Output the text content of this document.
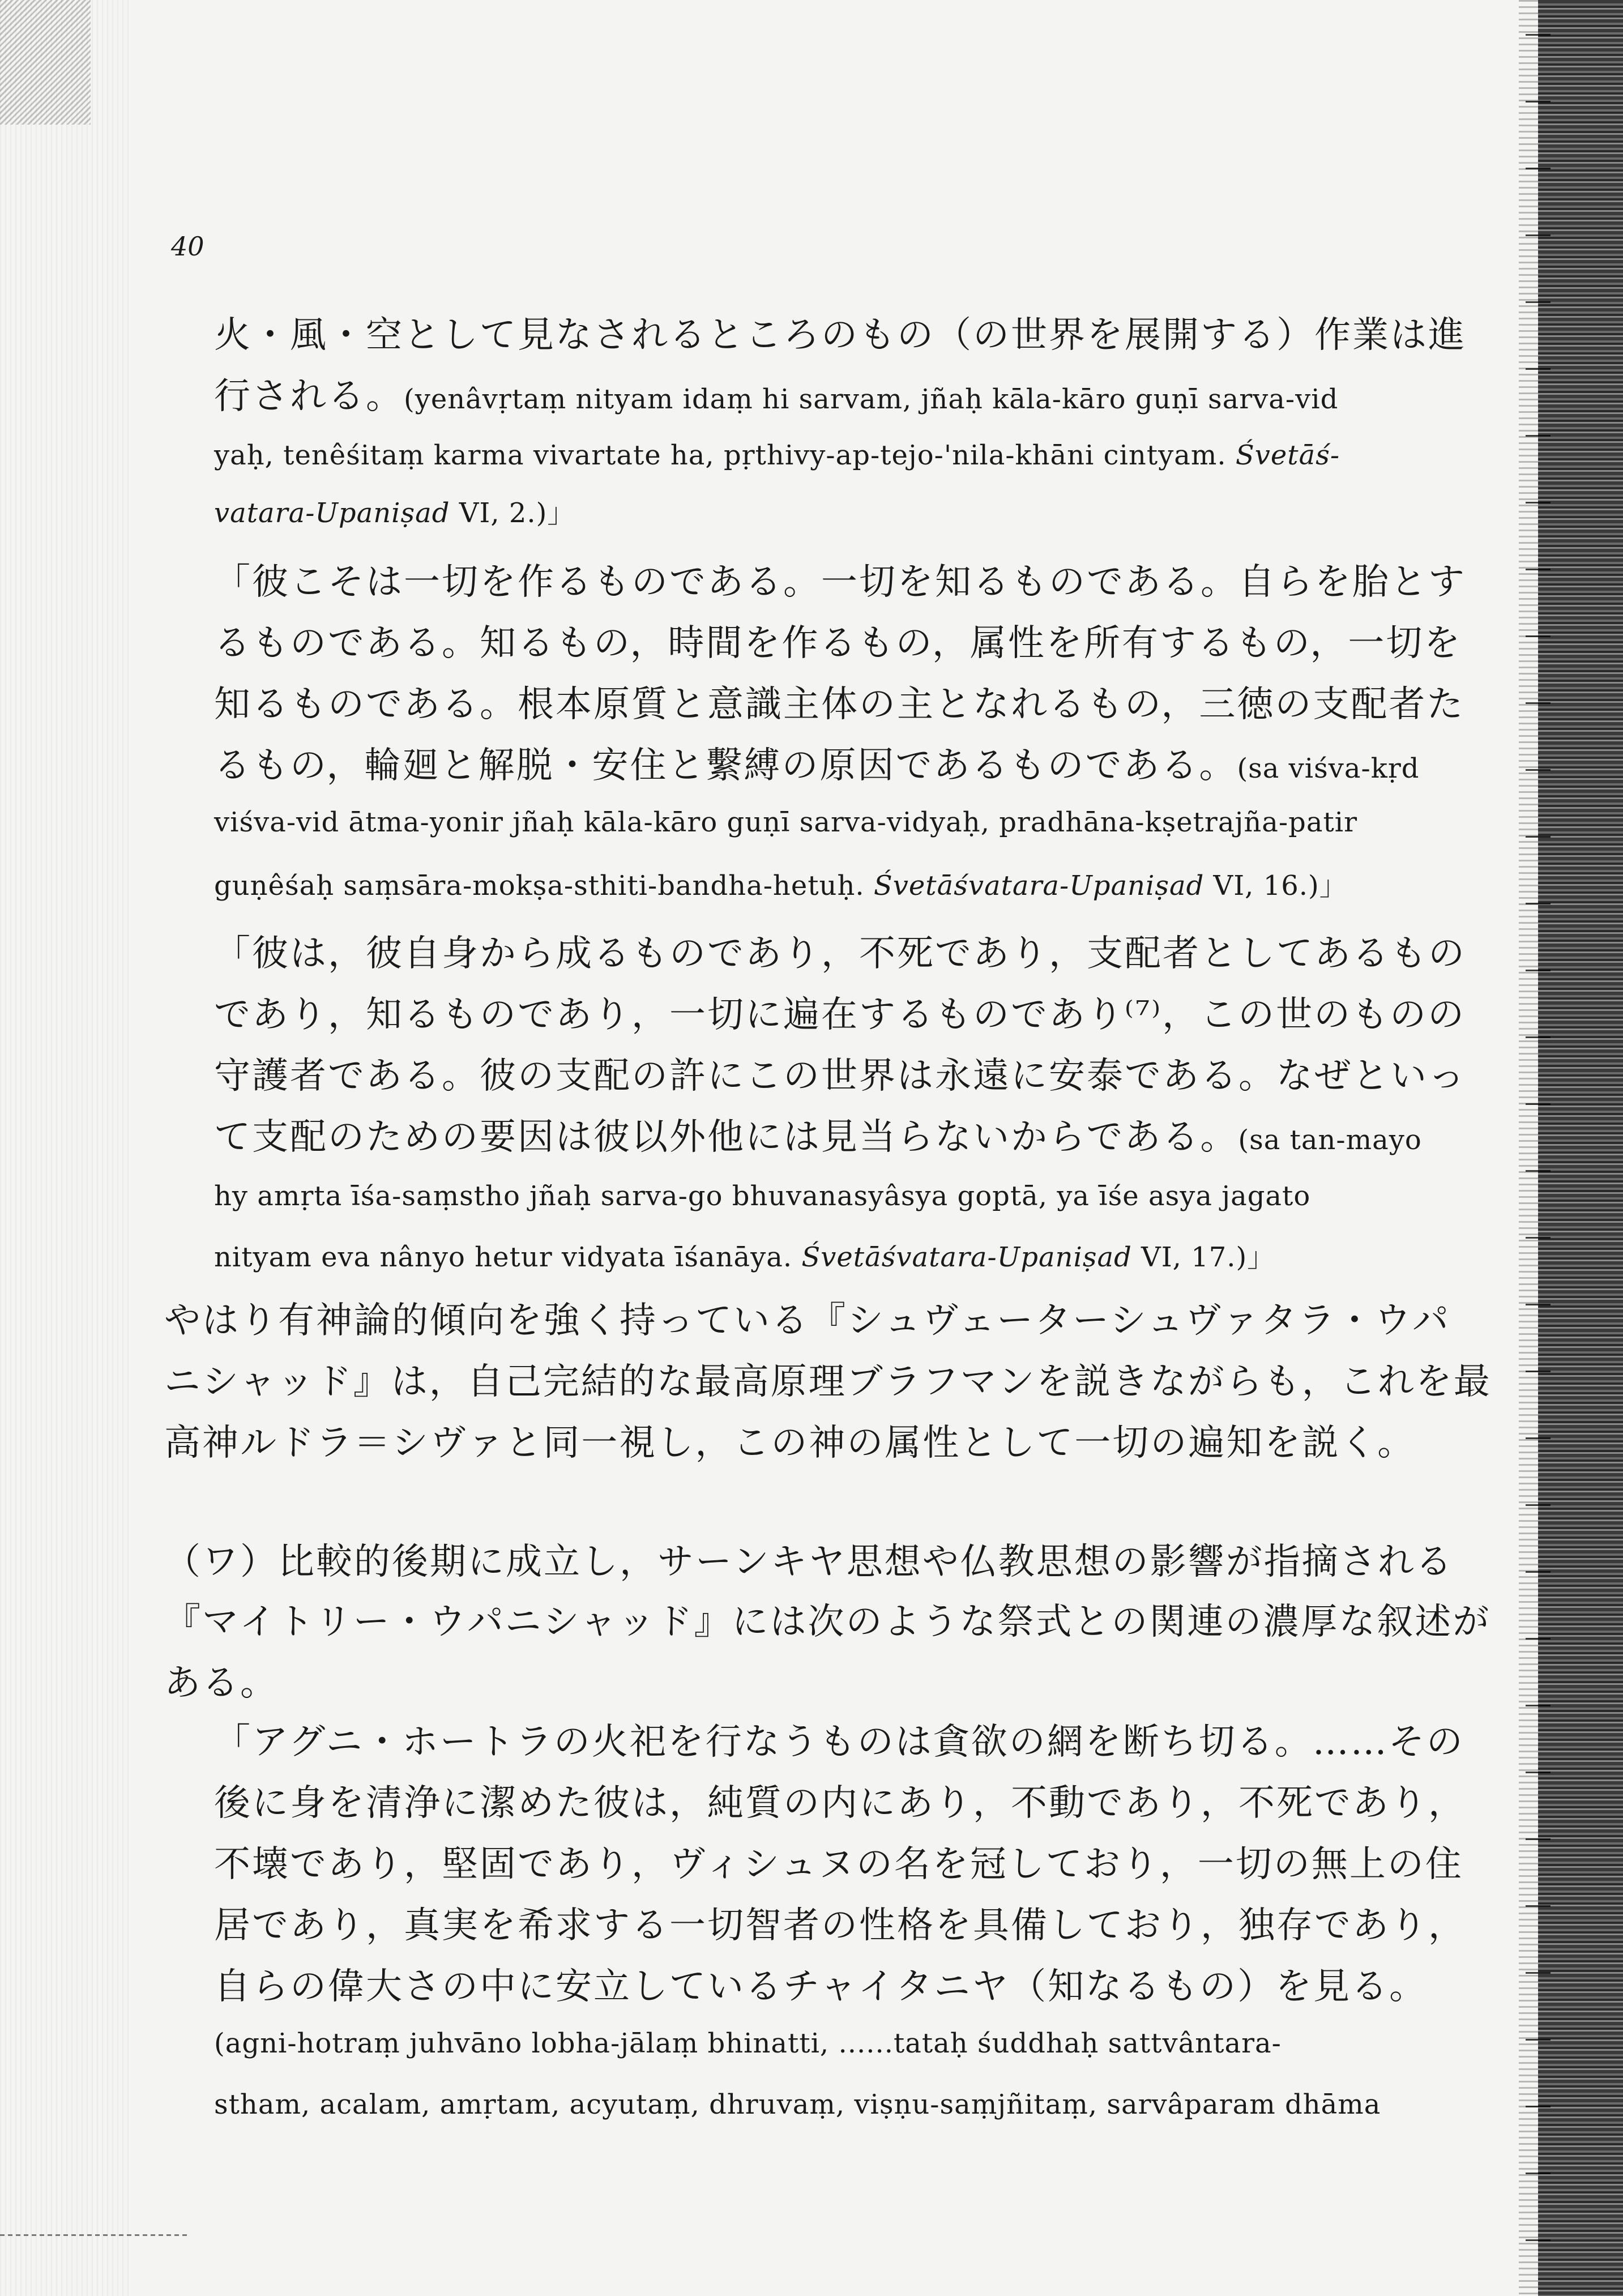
40
火・風・空として見なされるところのもの（の世界を展開する）作業は進
行される。(yenâvṛtaṃ nityam idaṃ hi sarvam, jñaḥ kāla-kāro guṇī sarva-vid
yaḥ, tenêśitaṃ karma vivartate ha, pṛthivy-ap-tejo-'nila-khāni cintyam. Śvetāś-
vatara-Upaniṣad VI, 2.)」
「彼こそは一切を作るものである。一切を知るものである。自らを胎とす
るものである。知るもの，時間を作るもの，属性を所有するもの，一切を
知るものである。根本原質と意識主体の主となれるもの，三徳の支配者た
るもの，輪廻と解脱・安住と繫縛の原因であるものである。(sa viśva-kṛd
viśva-vid ātma-yonir jñaḥ kāla-kāro guṇī sarva-vidyaḥ, pradhāna-kṣetrajña-patir
guṇêśaḥ saṃsāra-mokṣa-sthiti-bandha-hetuḥ. Śvetāśvatara-Upaniṣad VI, 16.)」
「彼は，彼自身から成るものであり，不死であり，支配者としてあるもの
であり，知るものであり，一切に遍在するものであり⁽⁷⁾，この世のものの
守護者である。彼の支配の許にこの世界は永遠に安泰である。なぜといっ
て支配のための要因は彼以外他には見当らないからである。(sa tan-mayo
hy amṛta īśa-saṃstho jñaḥ sarva-go bhuvanasyâsya goptā, ya īśe asya jagato
nityam eva nânyo hetur vidyata īśanāya. Śvetāśvatara-Upaniṣad VI, 17.)」
やはり有神論的傾向を強く持っている『シュヴェーターシュヴァタラ・ウパ
ニシャッド』は，自己完結的な最高原理ブラフマンを説きながらも，これを最
高神ルドラ＝シヴァと同一視し，この神の属性として一切の遍知を説く。
（ワ）比較的後期に成立し，サーンキヤ思想や仏教思想の影響が指摘される
『マイトリー・ウパニシャッド』には次のような祭式との関連の濃厚な叙述が
ある。
「アグニ・ホートラの火祀を行なうものは貪欲の網を断ち切る。……その
後に身を清浄に潔めた彼は，純質の内にあり，不動であり，不死であり，
不壊であり，堅固であり，ヴィシュヌの名を冠しており，一切の無上の住
居であり，真実を希求する一切智者の性格を具備しており，独存であり，
自らの偉大さの中に安立しているチャイタニヤ（知なるもの）を見る。
(agni-hotraṃ juhvāno lobha-jālaṃ bhinatti, ......tataḥ śuddhaḥ sattvântara-
stham, acalam, amṛtam, acyutaṃ, dhruvaṃ, viṣṇu-saṃjñitaṃ, sarvâparam dhāma
